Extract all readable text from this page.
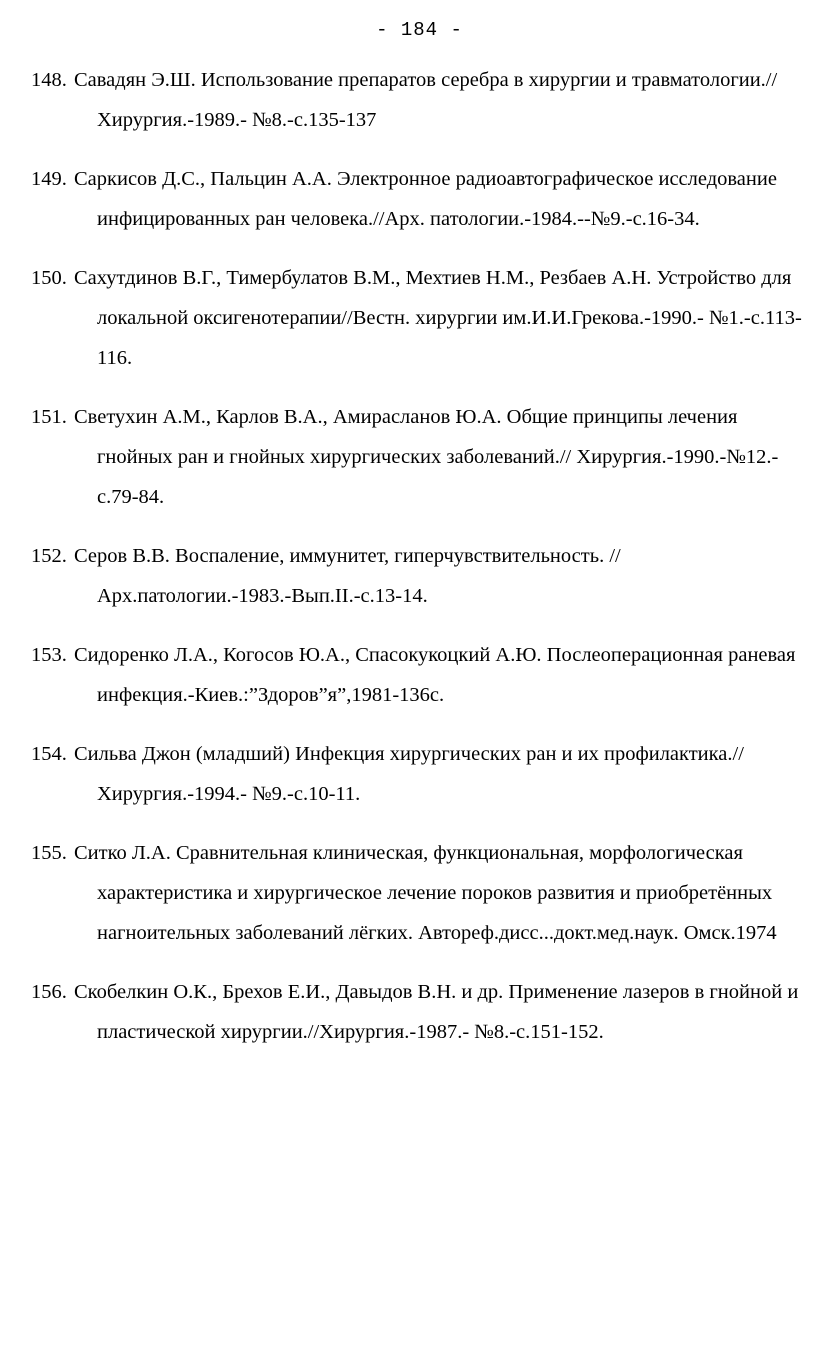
- 184 -
148. Савадян Э.Ш. Использование препаратов серебра в хирургии и травматологии.//Хирургия.-1989.- №8.-с.135-137
149. Саркисов Д.С., Пальцин А.А. Электронное радиоавтографическое исследование инфицированных ран человека.//Арх. патологии.-1984.--№9.-с.16-34.
150. Сахутдинов В.Г., Тимербулатов В.М., Мехтиев Н.М., Резбаев А.Н. Устройство для локальной оксигенотерапии//Вестн. хирургии им.И.И.Грекова.-1990.- №1.-с.113-116.
151. Светухин А.М., Карлов В.А., Амирасланов Ю.А. Общие принципы лечения гнойных ран и гнойных хирургических заболеваний.// Хирургия.-1990.-№12.-с.79-84.
152. Серов В.В. Воспаление, иммунитет, гиперчувствительность. //Арх.патологии.-1983.-Вып.II.-с.13-14.
153. Сидоренко Л.А., Когосов Ю.А., Спасокукоцкий А.Ю. Послеоперационная раневая инфекция.-Киев.:”Здоров”я”,1981-136с.
154. Сильва Джон (младший) Инфекция хирургических ран и их профилактика.//Хирургия.-1994.- №9.-с.10-11.
155. Ситко Л.А. Сравнительная клиническая, функциональная, морфологическая характеристика и хирургическое лечение пороков развития и приобретённых нагноительных заболеваний лёгких. Автореф.дисс...докт.мед.наук. Омск.1974
156. Скобелкин О.К., Брехов Е.И., Давыдов В.Н. и др. Применение лазеров в гнойной и пластической хирургии.//Хирургия.-1987.- №8.-с.151-152.
